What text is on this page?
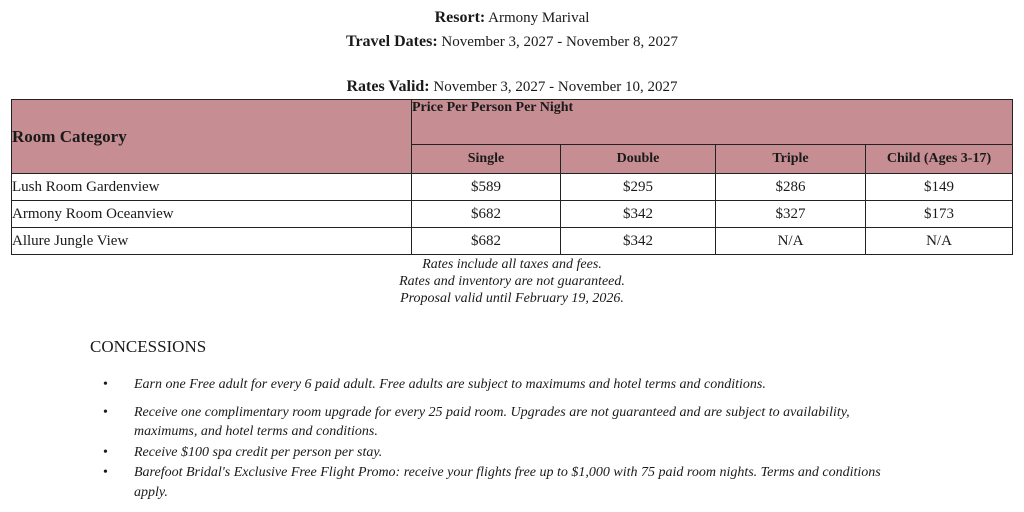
Resort: Armony Marival
Travel Dates: November 3, 2027 - November 8, 2027
Rates Valid: November 3, 2027 - November 10, 2027
Room Category	Price Per Person Per Night			
	Single	Double	Triple	Child (Ages 3-17)
Lush Room Gardenview	$589	$295	$286	$149
Armony Room Oceanview	$682	$342	$327	$173
Allure Jungle View	$682	$342	N/A	N/A
Rates include all taxes and fees.
Rates and inventory are not guaranteed.
Proposal valid until February 19, 2026.
CONCESSIONS
• Earn one Free adult for every 6 paid adult. Free adults are subject to maximums and hotel terms and conditions.
• Receive one complimentary room upgrade for every 25 paid room. Upgrades are not guaranteed and are subject to availability, maximums, and hotel terms and conditions.
• Receive $100 spa credit per person per stay.
• Barefoot Bridal's Exclusive Free Flight Promo: receive your flights free up to $1,000 with 75 paid room nights. Terms and conditions apply.
